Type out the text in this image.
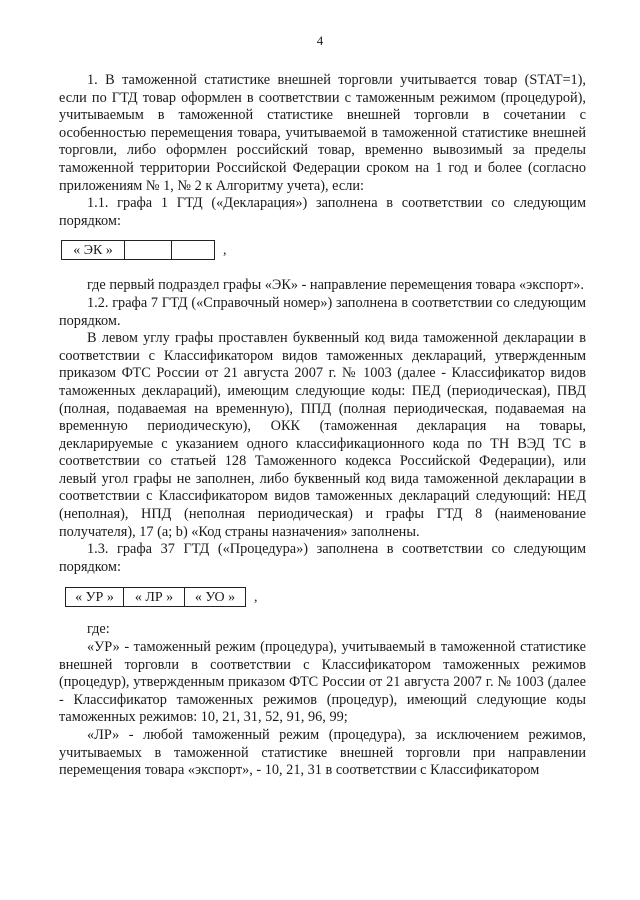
4

1. В таможенной статистике внешней торговли учитывается товар (STAT=1), если по ГТД товар оформлен в соответствии с таможенным режимом (процедурой), учитываемым в таможенной статистике внешней торговли в сочетании с особенностью перемещения товара, учитываемой в таможенной статистике внешней торговли, либо оформлен российский товар, временно вывозимый за пределы таможенной территории Российской Федерации сроком на 1 год и более (согласно приложениям № 1, № 2 к Алгоритму учета), если:

1.1. графа 1 ГТД («Декларация») заполнена в соответствии со следующим порядком:

« ЭК »	,

где первый подраздел графы «ЭК» - направление перемещения товара «экспорт».

1.2. графа 7 ГТД («Справочный номер») заполнена в соответствии со следующим порядком.

В левом углу графы проставлен буквенный код вида таможенной декларации в соответствии с Классификатором видов таможенных деклараций, утвержденным приказом ФТС России от 21 августа 2007 г. № 1003 (далее - Классификатор видов таможенных деклараций), имеющим следующие коды: ПЕД (периодическая), ПВД (полная, подаваемая на временную), ППД (полная периодическая, подаваемая на временную периодическую), ОКК (таможенная декларация на товары, декларируемые с указанием одного классификационного кода по ТН ВЭД ТС в соответствии со статьей 128 Таможенного кодекса Российской Федерации), или левый угол графы не заполнен, либо буквенный код вида таможенной декларации в соответствии с Классификатором видов таможенных деклараций следующий: НЕД (неполная), НПД (неполная периодическая) и графы ГТД 8 (наименование получателя), 17 (a; b) «Код страны назначения» заполнены.

1.3. графа 37 ГТД («Процедура») заполнена в соответствии со следующим порядком:

« УР »	« ЛР »	« УО »	,

где:

«УР» - таможенный режим (процедура), учитываемый в таможенной статистике внешней торговли в соответствии с Классификатором таможенных режимов (процедур), утвержденным приказом ФТС России от 21 августа 2007 г. № 1003 (далее - Классификатор таможенных режимов (процедур), имеющий следующие коды таможенных режимов: 10, 21, 31, 52, 91, 96, 99;

«ЛР» - любой таможенный режим (процедура), за исключением режимов, учитываемых в таможенной статистике внешней торговли при направлении перемещения товара «экспорт», - 10, 21, 31 в соответствии с Классификатором
